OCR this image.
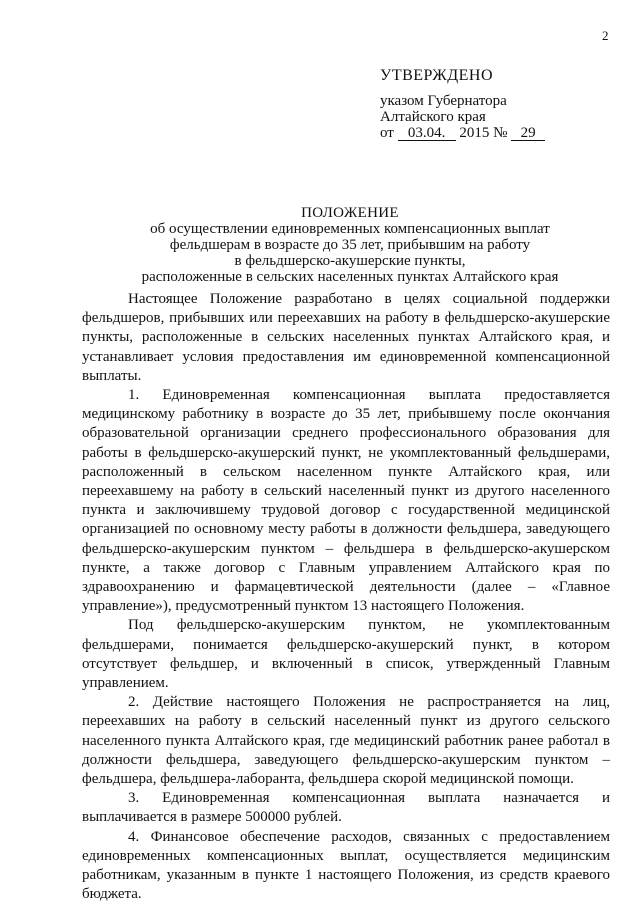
2
УТВЕРЖДЕНО
указом Губернатора
Алтайского края
от 03.04. 2015 № 29
ПОЛОЖЕНИЕ
об осуществлении единовременных компенсационных выплат
фельдшерам в возрасте до 35 лет, прибывшим на работу
в фельдшерско-акушерские пункты,
расположенные в сельских населенных пунктах Алтайского края

Настоящее Положение разработано в целях социальной поддержки фельдшеров, прибывших или переехавших на работу в фельдшерско-акушерские пункты, расположенные в сельских населенных пунктах Алтайского края, и устанавливает условия предоставления им единовременной компенсационной выплаты.

1. Единовременная компенсационная выплата предоставляется медицинскому работнику в возрасте до 35 лет, прибывшему после окончания образовательной организации среднего профессионального образования для работы в фельдшерско-акушерский пункт, не укомплектованный фельдшерами, расположенный в сельском населенном пункте Алтайского края, или переехавшему на работу в сельский населенный пункт из другого населенного пункта и заключившему трудовой договор с государственной медицинской организацией по основному месту работы в должности фельдшера, заведующего фельдшерско-акушерским пунктом – фельдшера в фельдшерско-акушерском пункте, а также договор с Главным управлением Алтайского края по здравоохранению и фармацевтической деятельности (далее – «Главное управление»), предусмотренный пунктом 13 настоящего Положения.

Под фельдшерско-акушерским пунктом, не укомплектованным фельдшерами, понимается фельдшерско-акушерский пункт, в котором отсутствует фельдшер, и включенный в список, утвержденный Главным управлением.

2. Действие настоящего Положения не распространяется на лиц, переехавших на работу в сельский населенный пункт из другого сельского населенного пункта Алтайского края, где медицинский работник ранее работал в должности фельдшера, заведующего фельдшерско-акушерским пунктом – фельдшера, фельдшера-лаборанта, фельдшера скорой медицинской помощи.

3. Единовременная компенсационная выплата назначается и выплачивается в размере 500000 рублей.

4. Финансовое обеспечение расходов, связанных с предоставлением единовременных компенсационных выплат, осуществляется медицинским работникам, указанным в пункте 1 настоящего Положения, из средств краевого бюджета.
